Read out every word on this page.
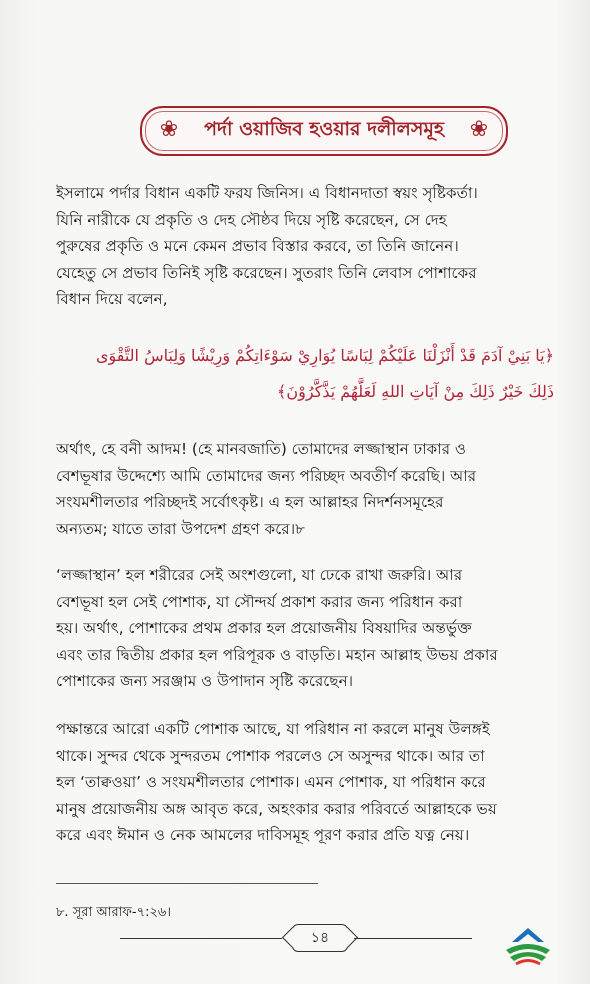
❀ পর্দা ওয়াজিব হওয়ার দলীলসমূহ ❀
ইসলামে পর্দার বিধান একটি ফরয জিনিস। এ বিধানদাতা স্বয়ং সৃষ্টিকর্তা।
যিনি নারীকে যে প্রকৃতি ও দেহ সৌষ্ঠব দিয়ে সৃষ্টি করেছেন, সে দেহ
পুরুষের প্রকৃতি ও মনে কেমন প্রভাব বিস্তার করবে, তা তিনি জানেন।
যেহেতু সে প্রভাব তিনিই সৃষ্টি করেছেন। সুতরাং তিনি লেবাস পোশাকের
বিধান দিয়ে বলেন,
﴿يَا بَنِيْ آدَمَ قَدْ أَنْزَلْنَا عَلَيْكُمْ لِبَاسًا يُوَارِيْ سَوْءَاتِكُمْ وَرِيْشًا وَلِبَاسُ التَّقْوَى
ذَلِكَ خَيْرٌ ذَلِكَ مِنْ آيَاتِ اللهِ لَعَلَّهُمْ يَذَّكَّرُوْنَ﴾
অর্থাৎ, হে বনী আদম! (হে মানবজাতি) তোমাদের লজ্জাস্থান ঢাকার ও
বেশভূষার উদ্দেশ্যে আমি তোমাদের জন্য পরিচ্ছদ অবতীর্ণ করেছি। আর
সংযমশীলতার পরিচ্ছদই সর্বোৎকৃষ্ট। এ হল আল্লাহর নিদর্শনসমূহের
অন্যতম; যাতে তারা উপদেশ গ্রহণ করে।৮
‘লজ্জাস্থান’ হল শরীরের সেই অংশগুলো, যা ঢেকে রাখা জরুরি। আর
বেশভূষা হল সেই পোশাক, যা সৌন্দর্য প্রকাশ করার জন্য পরিধান করা
হয়। অর্থাৎ, পোশাকের প্রথম প্রকার হল প্রয়োজনীয় বিষয়াদির অন্তর্ভুক্ত
এবং তার দ্বিতীয় প্রকার হল পরিপূরক ও বাড়তি। মহান আল্লাহ উভয় প্রকার
পোশাকের জন্য সরঞ্জাম ও উপাদান সৃষ্টি করেছেন।
পক্ষান্তরে আরো একটি পোশাক আছে, যা পরিধান না করলে মানুষ উলঙ্গই
থাকে। সুন্দর থেকে সুন্দরতম পোশাক পরলেও সে অসুন্দর থাকে। আর তা
হল ‘তাক্বওয়া’ ও সংযমশীলতার পোশাক। এমন পোশাক, যা পরিধান করে
মানুষ প্রয়োজনীয় অঙ্গ আবৃত করে, অহংকার করার পরিবর্তে আল্লাহকে ভয়
করে এবং ঈমান ও নেক আমলের দাবিসমূহ পূরণ করার প্রতি যত্ন নেয়।
৮. সূরা আরাফ-৭:২৬।
১৪
